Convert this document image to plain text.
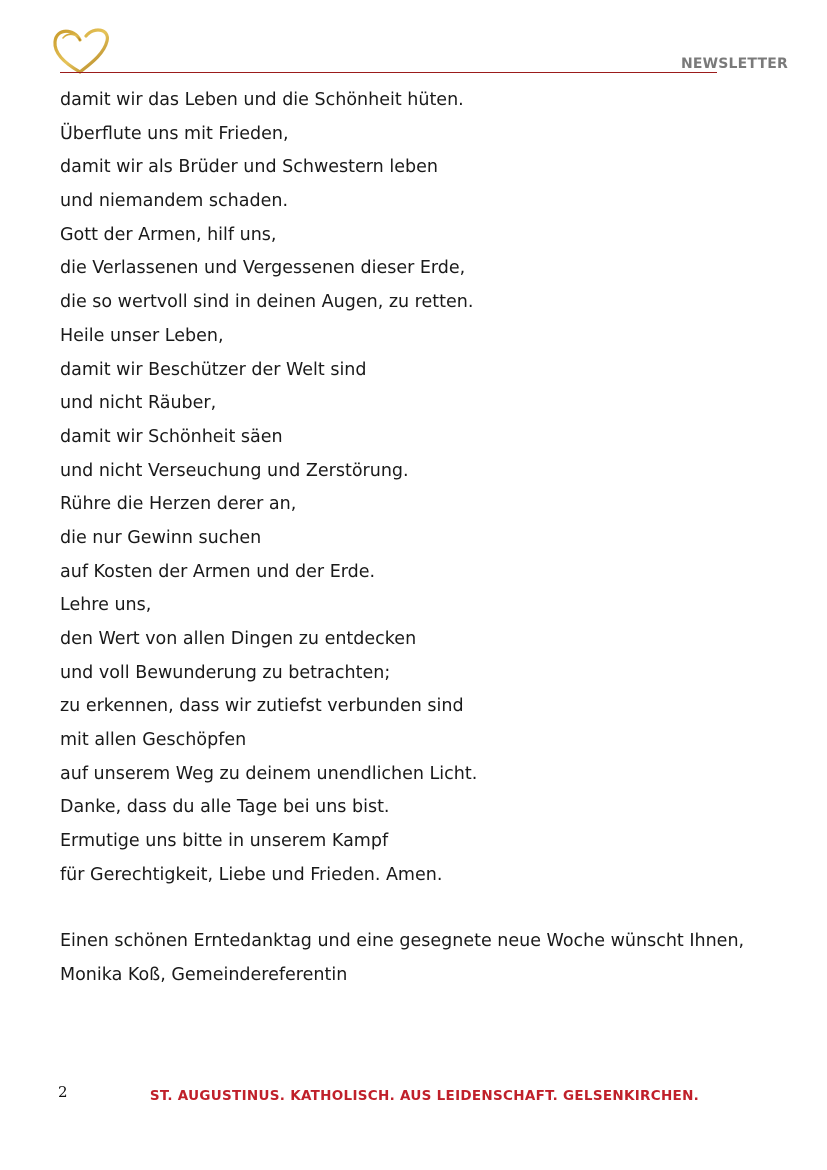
NEWSLETTER
damit wir das Leben und die Schönheit hüten.
Überflute uns mit Frieden,
damit wir als Brüder und Schwestern leben
und niemandem schaden.
Gott der Armen, hilf uns,
die Verlassenen und Vergessenen dieser Erde,
die so wertvoll sind in deinen Augen, zu retten.
Heile unser Leben,
damit wir Beschützer der Welt sind
und nicht Räuber,
damit wir Schönheit säen
und nicht Verseuchung und Zerstörung.
Rühre die Herzen derer an,
die nur Gewinn suchen
auf Kosten der Armen und der Erde.
Lehre uns,
den Wert von allen Dingen zu entdecken
und voll Bewunderung zu betrachten;
zu erkennen, dass wir zutiefst verbunden sind
mit allen Geschöpfen
auf unserem Weg zu deinem unendlichen Licht.
Danke, dass du alle Tage bei uns bist.
Ermutige uns bitte in unserem Kampf
für Gerechtigkeit, Liebe und Frieden. Amen.
Einen schönen Erntedanktag und eine gesegnete neue Woche wünscht Ihnen,
Monika Koß, Gemeindereferentin
2	ST. AUGUSTINUS. KATHOLISCH. AUS LEIDENSCHAFT. GELSENKIRCHEN.
